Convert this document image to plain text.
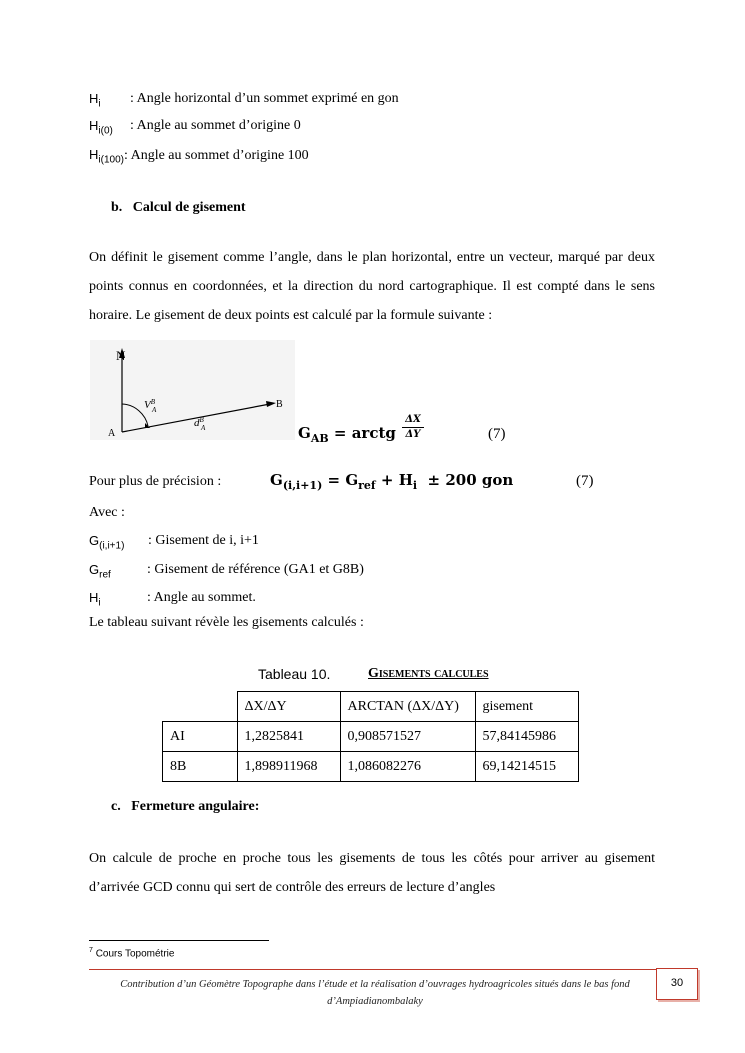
$H_i$ : Angle horizontal d’un sommet exprimé en gon
$H_{i(0)}$ : Angle au sommet d’origine 0
$H_{i(100)}$: Angle au sommet d’origine 100
b. Calcul de gisement
On définit le gisement comme l’angle, dans le plan horizontal, entre un vecteur, marqué par deux points connus en coordonnées, et la direction du nord cartographique. Il est compté dans le sens horaire. Le gisement de deux points est calculé par la formule suivante :
N
A
B
$V^B$
A
$d^B$
A	$G_{AB}$ = arctg $\frac{\Delta X}{\Delta Y}$	(7)
Pour plus de précision :	$G_{(i,i+1)} = G_{ref} + H_i \pm 200$ gon	(7)
Avec :
$G_{(i,i+1)}$ : Gisement de i, i+1
$G_{ref}$	: Gisement de référence (GA1 et G8B)
$H_i$	: Angle au sommet.
Le tableau suivant révèle les gisements calculés :
Tableau 10.	Gisements calcules
	ΔX/ΔY	ARCTAN (ΔX/ΔY)	gisement
AI	1,2825841	0,908571527	57,84145986
8B	1,898911968	1,086082276	69,14214515
c. Fermeture angulaire:
On calcule de proche en proche tous les gisements de tous les côtés pour arriver au gisement d’arrivée GCD connu qui sert de contrôle des erreurs de lecture d’angles
$^7$ Cours Topométrie
Contribution d’un Géomètre Topographe dans l’étude et la réalisation d’ouvrages hydroagricoles situés dans le bas fond d’Ampiadianombalaky
30
